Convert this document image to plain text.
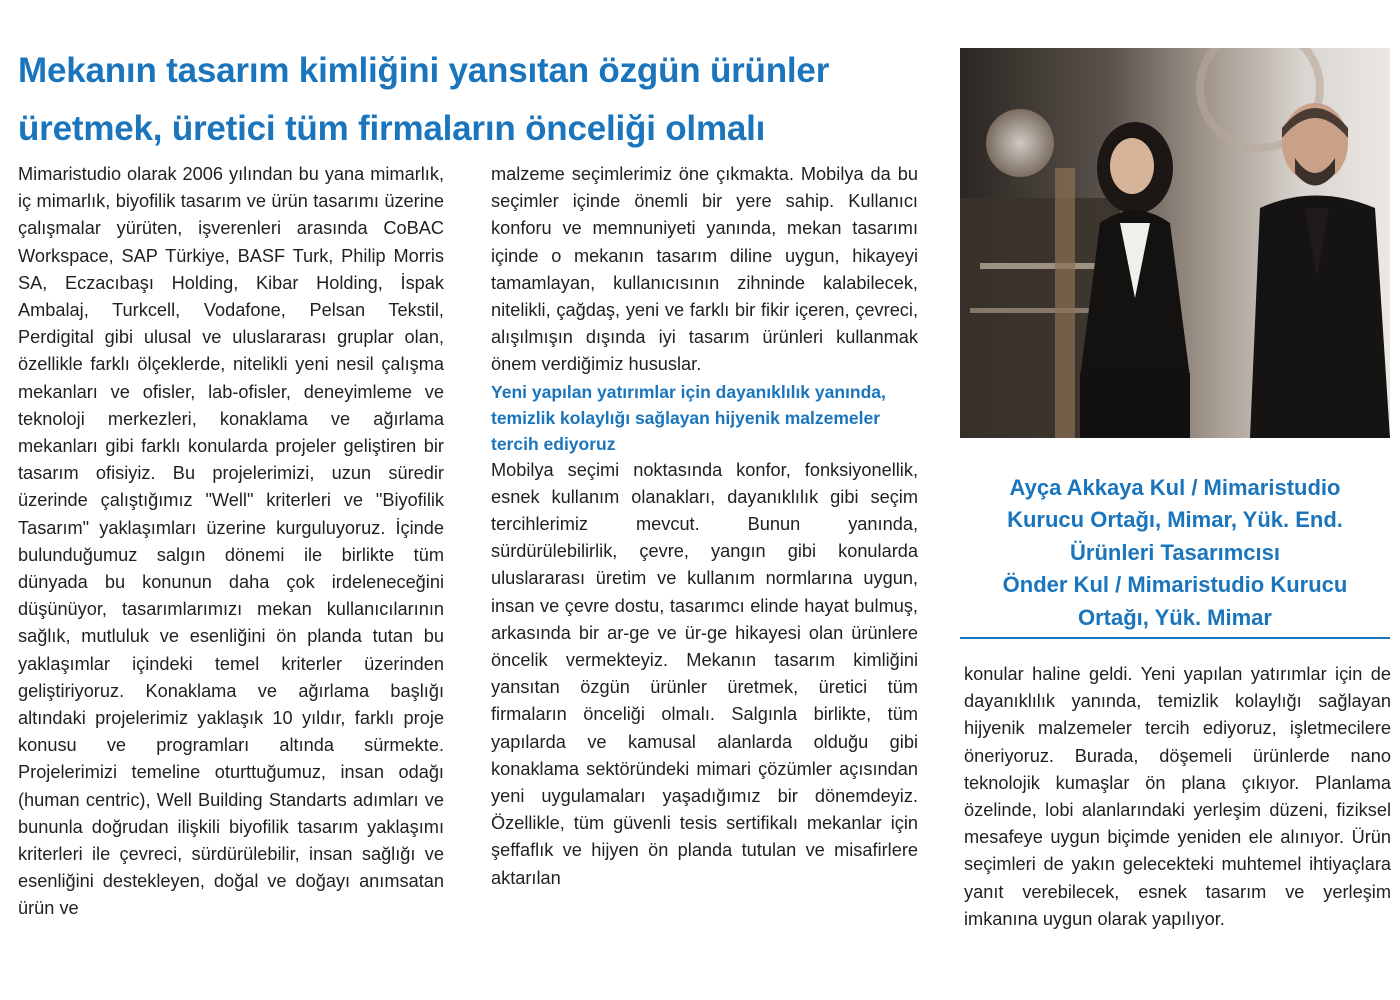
Mekanın tasarım kimliğini yansıtan özgün ürünler
üretmek, üretici tüm firmaların önceliği olmalı

Mimaristudio olarak 2006 yılından bu yana mimarlık, iç mimarlık, biyofilik tasarım ve ürün tasarımı üzerine çalışmalar yürüten, işverenleri arasında CoBAC Workspace, SAP Türkiye, BASF Turk, Philip Morris SA, Eczacıbaşı Holding, Kibar Holding, İspak Ambalaj, Turkcell, Vodafone, Pelsan Tekstil, Perdigital gibi ulusal ve uluslararası gruplar olan, özellikle farklı ölçeklerde, nitelikli yeni nesil çalışma mekanları ve ofisler, lab-ofisler, deneyimleme ve teknoloji merkezleri, konaklama ve ağırlama mekanları gibi farklı konularda projeler geliştiren bir tasarım ofisiyiz. Bu projelerimizi, uzun süredir üzerinde çalıştığımız "Well" kriterleri ve "Biyofilik Tasarım" yaklaşımları üzerine kurguluyoruz. İçinde bulunduğumuz salgın dönemi ile birlikte tüm dünyada bu konunun daha çok irdeleneceğini düşünüyor, tasarımlarımızı mekan kullanıcılarının sağlık, mutluluk ve esenliğini ön planda tutan bu yaklaşımlar içindeki temel kriterler üzerinden geliştiriyoruz. Konaklama ve ağırlama başlığı altındaki projelerimiz yaklaşık 10 yıldır, farklı proje konusu ve programları altında sürmekte. Projelerimizi temeline oturttuğumuz, insan odağı (human centric), Well Building Standarts adımları ve bununla doğrudan ilişkili biyofilik tasarım yaklaşımı kriterleri ile çevreci, sürdürülebilir, insan sağlığı ve esenliğini destekleyen, doğal ve doğayı anımsatan ürün ve

malzeme seçimlerimiz öne çıkmakta. Mobilya da bu seçimler içinde önemli bir yere sahip. Kullanıcı konforu ve memnuniyeti yanında, mekan tasarımı içinde o mekanın tasarım diline uygun, hikayeyi tamamlayan, kullanıcısının zihninde kalabilecek, nitelikli, çağdaş, yeni ve farklı bir fikir içeren, çevreci, alışılmışın dışında iyi tasarım ürünleri kullanmak önem verdiğimiz hususlar.

Yeni yapılan yatırımlar için dayanıklılık yanında, temizlik kolaylığı sağlayan hijyenik malzemeler tercih ediyoruz

Mobilya seçimi noktasında konfor, fonksiyonellik, esnek kullanım olanakları, dayanıklılık gibi seçim tercihlerimiz mevcut. Bunun yanında, sürdürülebilirlik, çevre, yangın gibi konularda uluslararası üretim ve kullanım normlarına uygun, insan ve çevre dostu, tasarımcı elinde hayat bulmuş, arkasında bir ar-ge ve ür-ge hikayesi olan ürünlere öncelik vermekteyiz. Mekanın tasarım kimliğini yansıtan özgün ürünler üretmek, üretici tüm firmaların önceliği olmalı. Salgınla birlikte, tüm yapılarda ve kamusal alanlarda olduğu gibi konaklama sektöründeki mimari çözümler açısından yeni uygulamaları yaşadığımız bir dönemdeyiz. Özellikle, tüm güvenli tesis sertifikalı mekanlar için şeffaflık ve hijyen ön planda tutulan ve misafirlere aktarılan

Ayça Akkaya Kul / Mimaristudio
Kurucu Ortağı, Mimar, Yük. End.
Ürünleri Tasarımcısı
Önder Kul / Mimaristudio Kurucu
Ortağı, Yük. Mimar

konular haline geldi. Yeni yapılan yatırımlar için de dayanıklılık yanında, temizlik kolaylığı sağlayan hijyenik malzemeler tercih ediyoruz, işletmecilere öneriyoruz. Burada, döşemeli ürünlerde nano teknolojik kumaşlar ön plana çıkıyor. Planlama özelinde, lobi alanlarındaki yerleşim düzeni, fiziksel mesafeye uygun biçimde yeniden ele alınıyor. Ürün seçimleri de yakın gelecekteki muhtemel ihtiyaçlara yanıt verebilecek, esnek tasarım ve yerleşim imkanına uygun olarak yapılıyor.
